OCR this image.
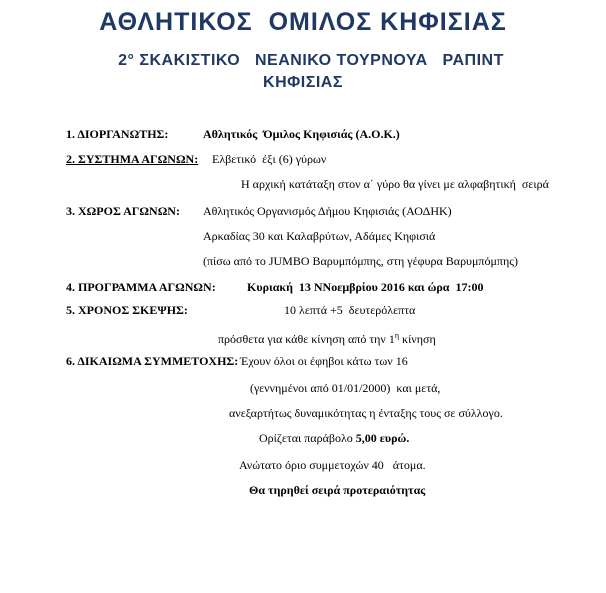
ΑΘΛΗΤΙΚΟΣ  ΟΜΙΛΟΣ ΚΗΦΙΣΙΑΣ
2° ΣΚΑΚΙΣΤΙΚΟ   ΝΕΑΝΙΚΟ ΤΟΥΡΝΟΥΑ   ΡΑΠΙΝΤ
ΚΗΦΙΣΙΑΣ
1. ΔΙΟΡΓΑΝΩΤΗΣ:	Αθλητικός  Όμιλος Κηφισιάς (Α.Ο.Κ.)
2. ΣΥΣΤΗΜΑ ΑΓΩΝΩΝ: Ελβετικό  έξι (6) γύρων
Η αρχική κατάταξη στον α΄ γύρο θα γίνει με αλφαβητική  σειρά
3. ΧΩΡΟΣ ΑΓΩΝΩΝ: Αθλητικός Οργανισμός Δήμου Κηφισιάς (ΑΟΔΗΚ)
Αρκαδίας 30 και Καλαβρύτων, Αδάμες Κηφισιά
(πίσω από το JUMBO Βαρυμπόμπης, στη γέφυρα Βαρυμπόμπης)
4. ΠΡΟΓΡΑΜΜΑ ΑΓΩΝΩΝ:	Κυριακή  13 ΝΝοεμβρίου 2016 και ώρα  17:00
5. ΧΡΟΝΟΣ ΣΚΕΨΗΣ:	10 λεπτά +5  δευτερόλεπτα
πρόσθετα για κάθε κίνηση από την $1^\eta$ κίνηση
6. ΔΙΚΑΙΩΜΑ ΣΥΜΜΕΤΟΧΗΣ: Έχουν όλοι οι έφηβοι κάτω των 16
(γεννημένοι από 01/01/2000)  και μετά,
ανεξαρτήτως δυναμικότητας η ένταξης τους σε σύλλογο.
Ορίζεται παράβολο 5,00 ευρώ.
Ανώτατο όριο συμμετοχών 40   άτομα.
Θα τηρηθεί σειρά προτεραιότητας
